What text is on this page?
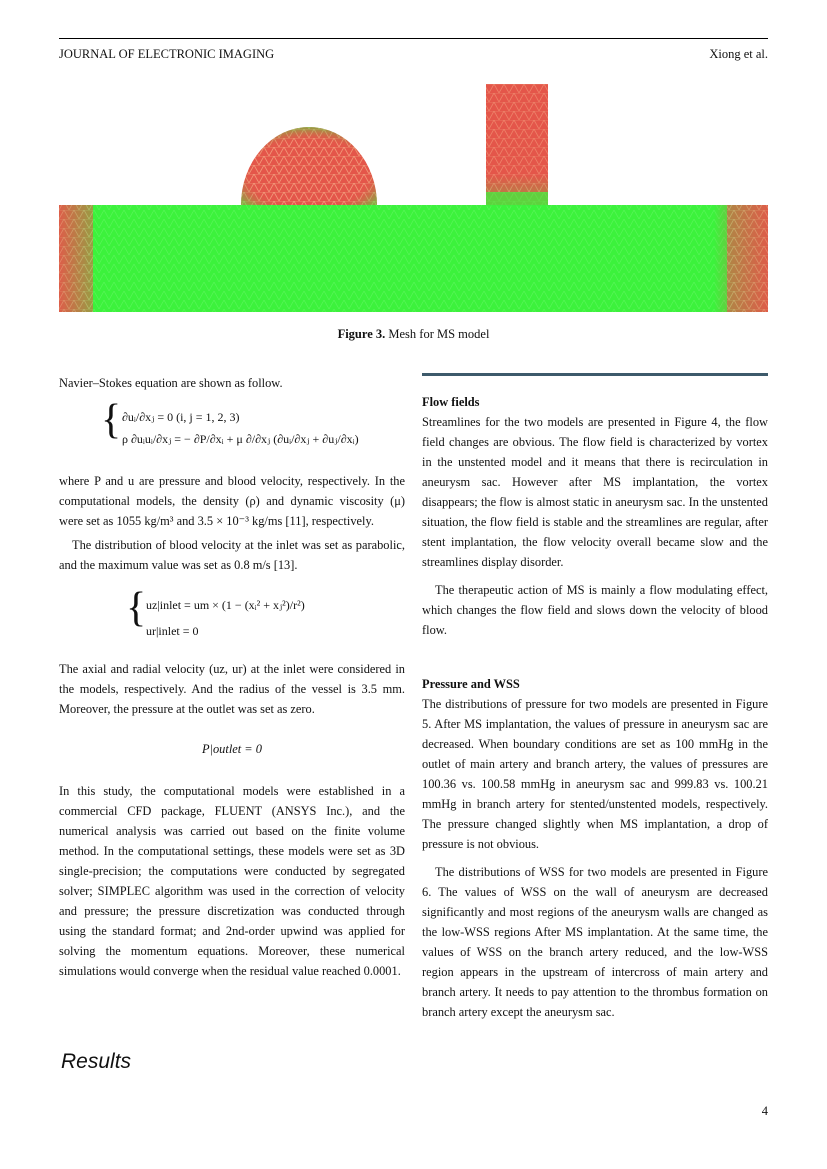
JOURNAL OF ELECTRONIC IMAGING	Xiong et al.
Figure 3. Mesh for MS model

Navier–Stokes equation are shown as follow.

{ ∂uᵢ/∂xⱼ = 0 (i, j = 1, 2, 3)
ρ ∂uᵢuᵢ/∂xⱼ = − ∂P/∂xᵢ + μ ∂/∂xⱼ (∂uᵢ/∂xⱼ + ∂uⱼ/∂xᵢ)

where P and u are pressure and blood velocity, respectively. In the computational models, the density (ρ) and dynamic viscosity (μ) were set as 1055 kg/m³ and 3.5 × 10⁻³ kg/ms [11], respectively.

The distribution of blood velocity at the inlet was set as parabolic, and the maximum value was set as 0.8 m/s [13].

{ uz|inlet = um × (1 − (xᵢ² + xⱼ²)/r²)
ur|inlet = 0

The axial and radial velocity (uz, ur) at the inlet were considered in the models, respectively. And the radius of the vessel is 3.5 mm. Moreover, the pressure at the outlet was set as zero.

P|outlet = 0

In this study, the computational models were established in a commercial CFD package, FLUENT (ANSYS Inc.), and the numerical analysis was carried out based on the finite volume method. In the computational settings, these models were set as 3D single-precision; the computations were conducted by segregated solver; SIMPLEC algorithm was used in the correction of velocity and pressure; the pressure discretization was conducted through using the standard format; and 2nd-order upwind was applied for solving the momentum equations. Moreover, these numerical simulations would converge when the residual value reached 0.0001.

Results

Flow fields

Streamlines for the two models are presented in Figure 4, the flow field changes are obvious. The flow field is characterized by vortex in the unstented model and it means that there is recirculation in aneurysm sac. However after MS implantation, the vortex disappears; the flow is almost static in aneurysm sac. In the unstented situation, the flow field is stable and the streamlines are regular, after stent implantation, the flow velocity overall became slow and the streamlines display disorder.

The therapeutic action of MS is mainly a flow modulating effect, which changes the flow field and slows down the velocity of blood flow.

Pressure and WSS

The distributions of pressure for two models are presented in Figure 5. After MS implantation, the values of pressure in aneurysm sac are decreased. When boundary conditions are set as 100 mmHg in the outlet of main artery and branch artery, the values of pressures are 100.36 vs. 100.58 mmHg in aneurysm sac and 999.83 vs. 100.21 mmHg in branch artery for stented/unstented models, respectively. The pressure changed slightly when MS implantation, a drop of pressure is not obvious.

The distributions of WSS for two models are presented in Figure 6. The values of WSS on the wall of aneurysm are decreased significantly and most regions of the aneurysm walls are changed as the low-WSS regions After MS implantation. At the same time, the values of WSS on the branch artery reduced, and the low-WSS region appears in the upstream of intercross of main artery and branch artery. It needs to pay attention to the thrombus formation on branch artery except the aneurysm sac.

4
